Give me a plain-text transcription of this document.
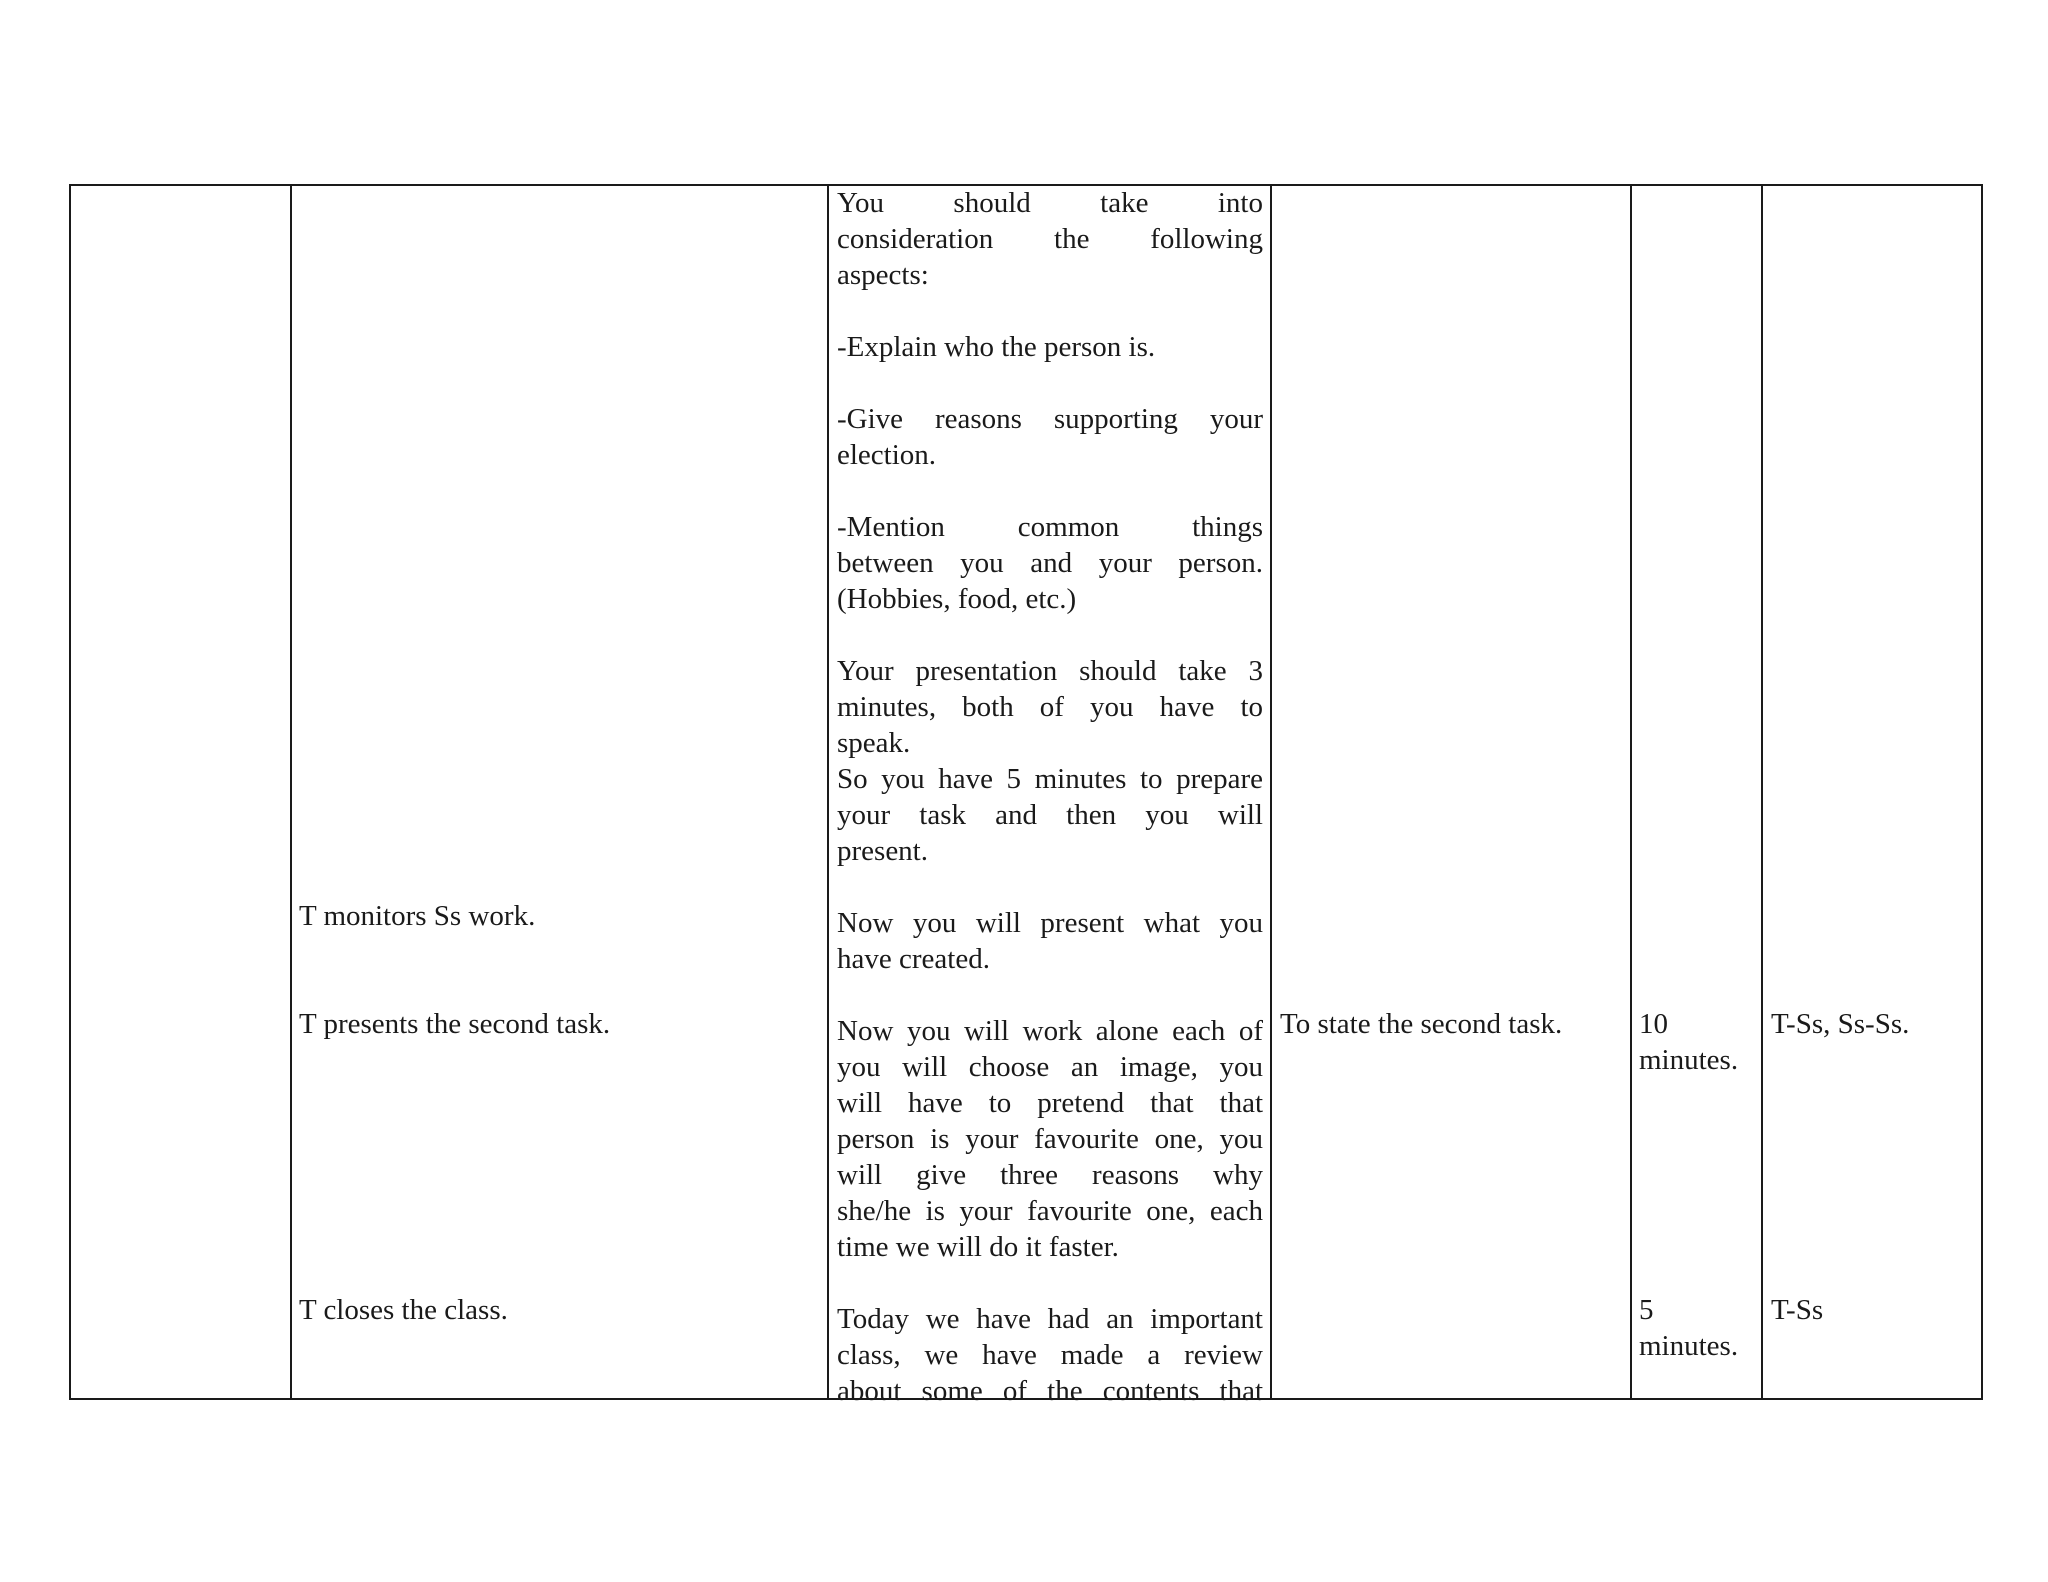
T monitors Ss work.
T presents the second task.
T closes the class.
You should take into
consideration the following
aspects:
-Explain who the person is.
-Give reasons supporting your
election.
-Mention common things
between you and your person.
(Hobbies, food, etc.)
Your presentation should take 3
minutes, both of you have to
speak.
So you have 5 minutes to prepare
your task and then you will
present.
Now you will present what you
have created.
Now you will work alone each of
you will choose an image, you
will have to pretend that that
person is your favourite one, you
will give three reasons why
she/he is your favourite one, each
time we will do it faster.
Today we have had an important
class, we have made a review
about some of the contents that
To state the second task.	10
minutes.
5
minutes.
T-Ss, Ss-Ss.
T-Ss
